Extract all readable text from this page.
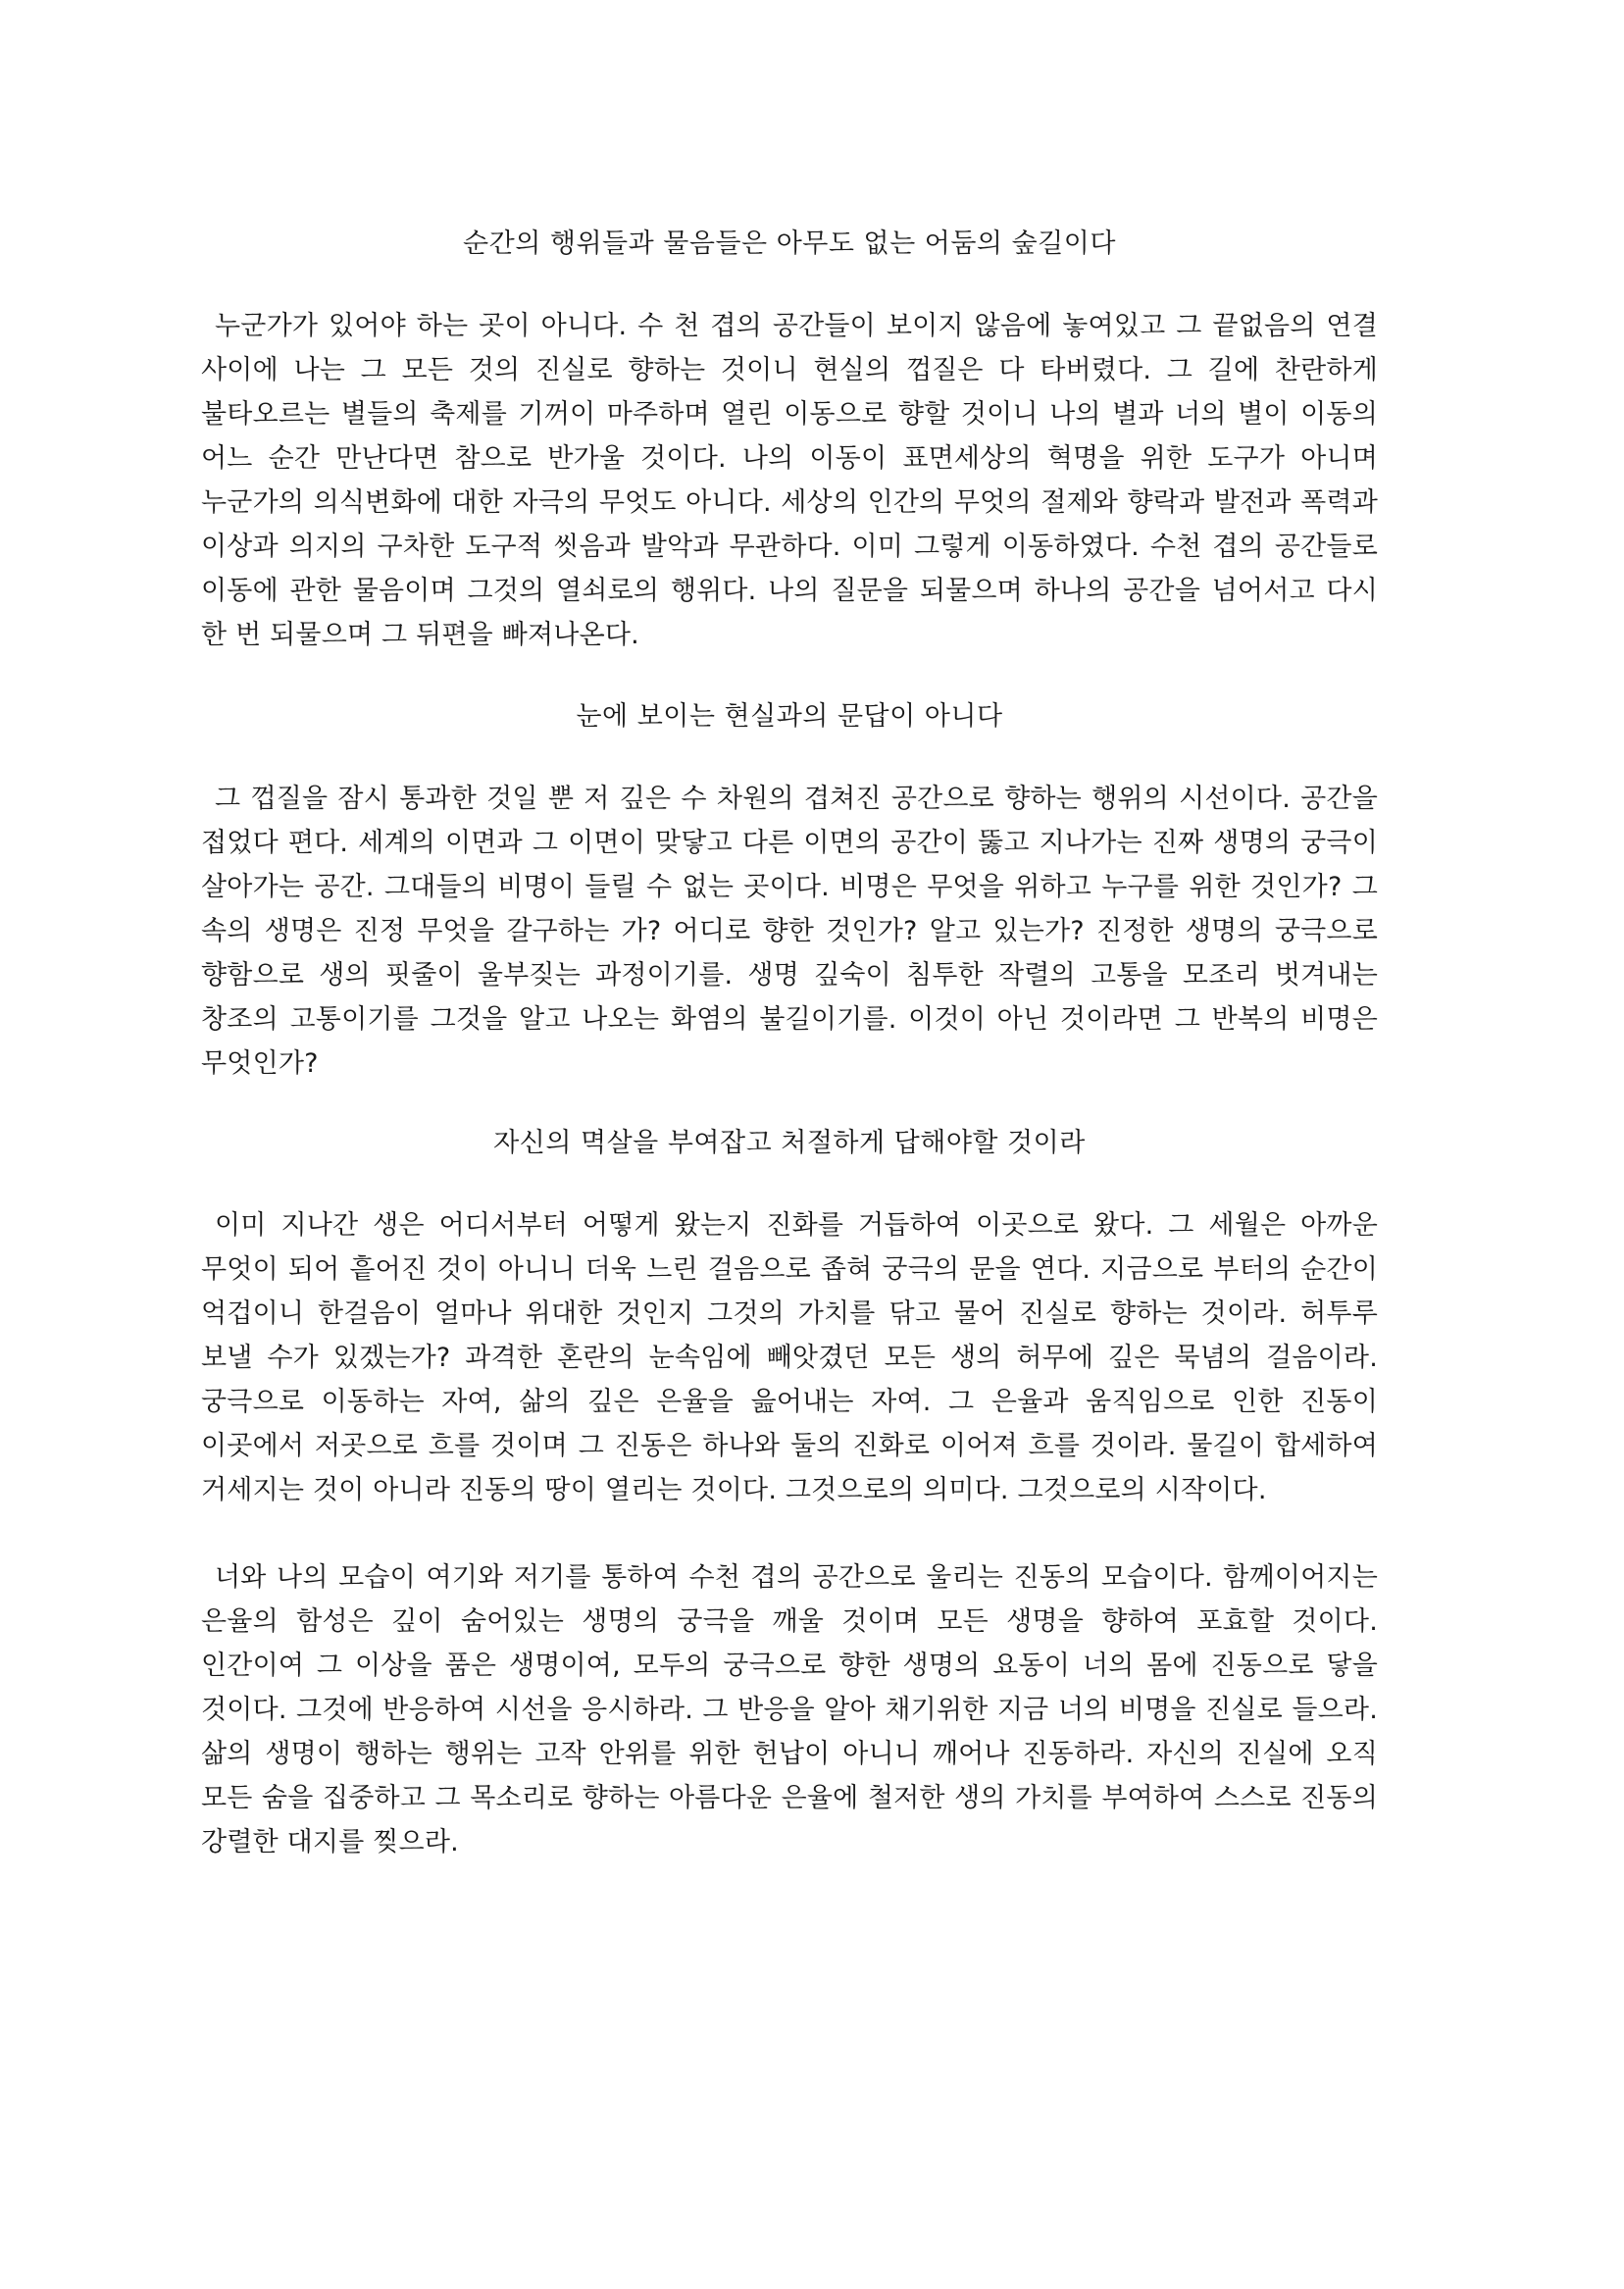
순간의 행위들과 물음들은 아무도 없는 어둠의 숲길이다

누군가가 있어야 하는 곳이 아니다. 수 천 겹의 공간들이 보이지 않음에 놓여있고 그 끝없음의 연결 사이에 나는 그 모든 것의 진실로 향하는 것이니 현실의 껍질은 다 타버렸다. 그 길에 찬란하게 불타오르는 별들의 축제를 기꺼이 마주하며 열린 이동으로 향할 것이니 나의 별과 너의 별이 이동의 어느 순간 만난다면 참으로 반가울 것이다. 나의 이동이 표면세상의 혁명을 위한 도구가 아니며 누군가의 의식변화에 대한 자극의 무엇도 아니다. 세상의 인간의 무엇의 절제와 향락과 발전과 폭력과 이상과 의지의 구차한 도구적 씻음과 발악과 무관하다. 이미 그렇게 이동하였다. 수천 겹의 공간들로 이동에 관한 물음이며 그것의 열쇠로의 행위다. 나의 질문을 되물으며 하나의 공간을 넘어서고 다시 한 번 되물으며 그 뒤편을 빠져나온다.

눈에 보이는 현실과의 문답이 아니다

그 껍질을 잠시 통과한 것일 뿐 저 깊은 수 차원의 겹쳐진 공간으로 향하는 행위의 시선이다. 공간을 접었다 편다. 세계의 이면과 그 이면이 맞닿고 다른 이면의 공간이 뚫고 지나가는 진짜 생명의 궁극이 살아가는 공간. 그대들의 비명이 들릴 수 없는 곳이다. 비명은 무엇을 위하고 누구를 위한 것인가? 그 속의 생명은 진정 무엇을 갈구하는 가? 어디로 향한 것인가? 알고 있는가? 진정한 생명의 궁극으로 향함으로 생의 핏줄이 울부짖는 과정이기를. 생명 깊숙이 침투한 작렬의 고통을 모조리 벗겨내는 창조의 고통이기를 그것을 알고 나오는 화염의 불길이기를. 이것이 아닌 것이라면 그 반복의 비명은 무엇인가?

자신의 멱살을 부여잡고 처절하게 답해야할 것이라

이미 지나간 생은 어디서부터 어떻게 왔는지 진화를 거듭하여 이곳으로 왔다. 그 세월은 아까운 무엇이 되어 흩어진 것이 아니니 더욱 느린 걸음으로 좁혀 궁극의 문을 연다. 지금으로 부터의 순간이 억겁이니 한걸음이 얼마나 위대한 것인지 그것의 가치를 닦고 물어 진실로 향하는 것이라. 허투루 보낼 수가 있겠는가? 과격한 혼란의 눈속임에 빼앗겼던 모든 생의 허무에 깊은 묵념의 걸음이라. 궁극으로 이동하는 자여, 삶의 깊은 은율을 읊어내는 자여. 그 은율과 움직임으로 인한 진동이 이곳에서 저곳으로 흐를 것이며 그 진동은 하나와 둘의 진화로 이어져 흐를 것이라. 물길이 합세하여 거세지는 것이 아니라 진동의 땅이 열리는 것이다. 그것으로의 의미다. 그것으로의 시작이다.

너와 나의 모습이 여기와 저기를 통하여 수천 겹의 공간으로 울리는 진동의 모습이다. 함께이어지는 은율의 함성은 깊이 숨어있는 생명의 궁극을 깨울 것이며 모든 생명을 향하여 포효할 것이다. 인간이여 그 이상을 품은 생명이여, 모두의 궁극으로 향한 생명의 요동이 너의 몸에 진동으로 닿을 것이다. 그것에 반응하여 시선을 응시하라. 그 반응을 알아 채기위한 지금 너의 비명을 진실로 들으라. 삶의 생명이 행하는 행위는 고작 안위를 위한 헌납이 아니니 깨어나 진동하라. 자신의 진실에 오직 모든 숨을 집중하고 그 목소리로 향하는 아름다운 은율에 철저한 생의 가치를 부여하여 스스로 진동의 강렬한 대지를 찢으라.
